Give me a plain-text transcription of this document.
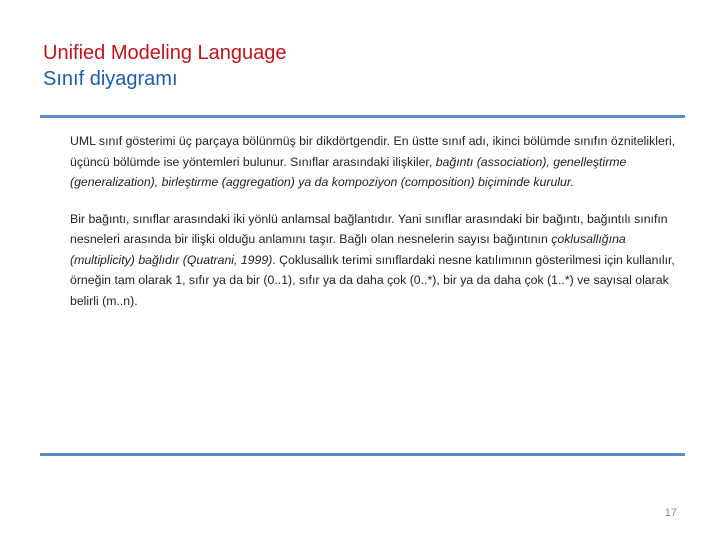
Unified Modeling Language
Sınıf diyagramı

UML sınıf gösterimi üç parçaya bölünmüş bir dikdörtgendir. En üstte sınıf adı, ikinci bölümde sınıfın öznitelikleri, üçüncü bölümde ise yöntemleri bulunur. Sınıflar arasındaki ilişkiler, bağıntı (association), genelleştirme (generalization), birleştirme (aggregation) ya da kompoziyon (composition) biçiminde kurulur.

Bir bağıntı, sınıflar arasındaki iki yönlü anlamsal bağlantıdır. Yani sınıflar arasındaki bir bağıntı, bağıntılı sınıfın nesneleri arasında bir ilişki olduğu anlamını taşır. Bağlı olan nesnelerin sayısı bağıntının çoklusallığına (multiplicity) bağlıdır (Quatrani, 1999). Çoklusallık terimi sınıflardaki nesne katılımının gösterilmesi için kullanılır, örneğin tam olarak 1, sıfır ya da bir (0..1), sıfır ya da daha çok (0..*), bir ya da daha çok (1..*) ve sayısal olarak belirli (m..n).

17
